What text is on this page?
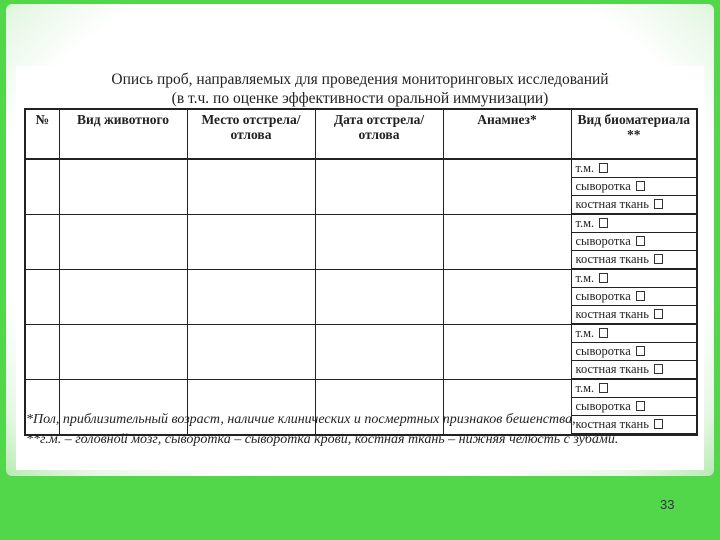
Опись проб, направляемых для проведения мониторинговых исследований
(в т.ч. по оценке эффективности оральной иммунизации)
№	Вид животного	Место отстрела/отлова	Дата отстрела/отлова	Анамнез*	Вид биоматериала **

					т.м.
сыворотка
костная ткань

					т.м.
сыворотка
костная ткань

					т.м.
сыворотка
костная ткань

					т.м.
сыворотка
костная ткань

					т.м.
сыворотка
костная ткань
*Пол, приблизительный возраст, наличие клинических и посмертных признаков бешенства,
**г.м. – головной мозг, сыворотка – сыворотка крови, костная ткань – нижняя челюсть с зубами.
33
